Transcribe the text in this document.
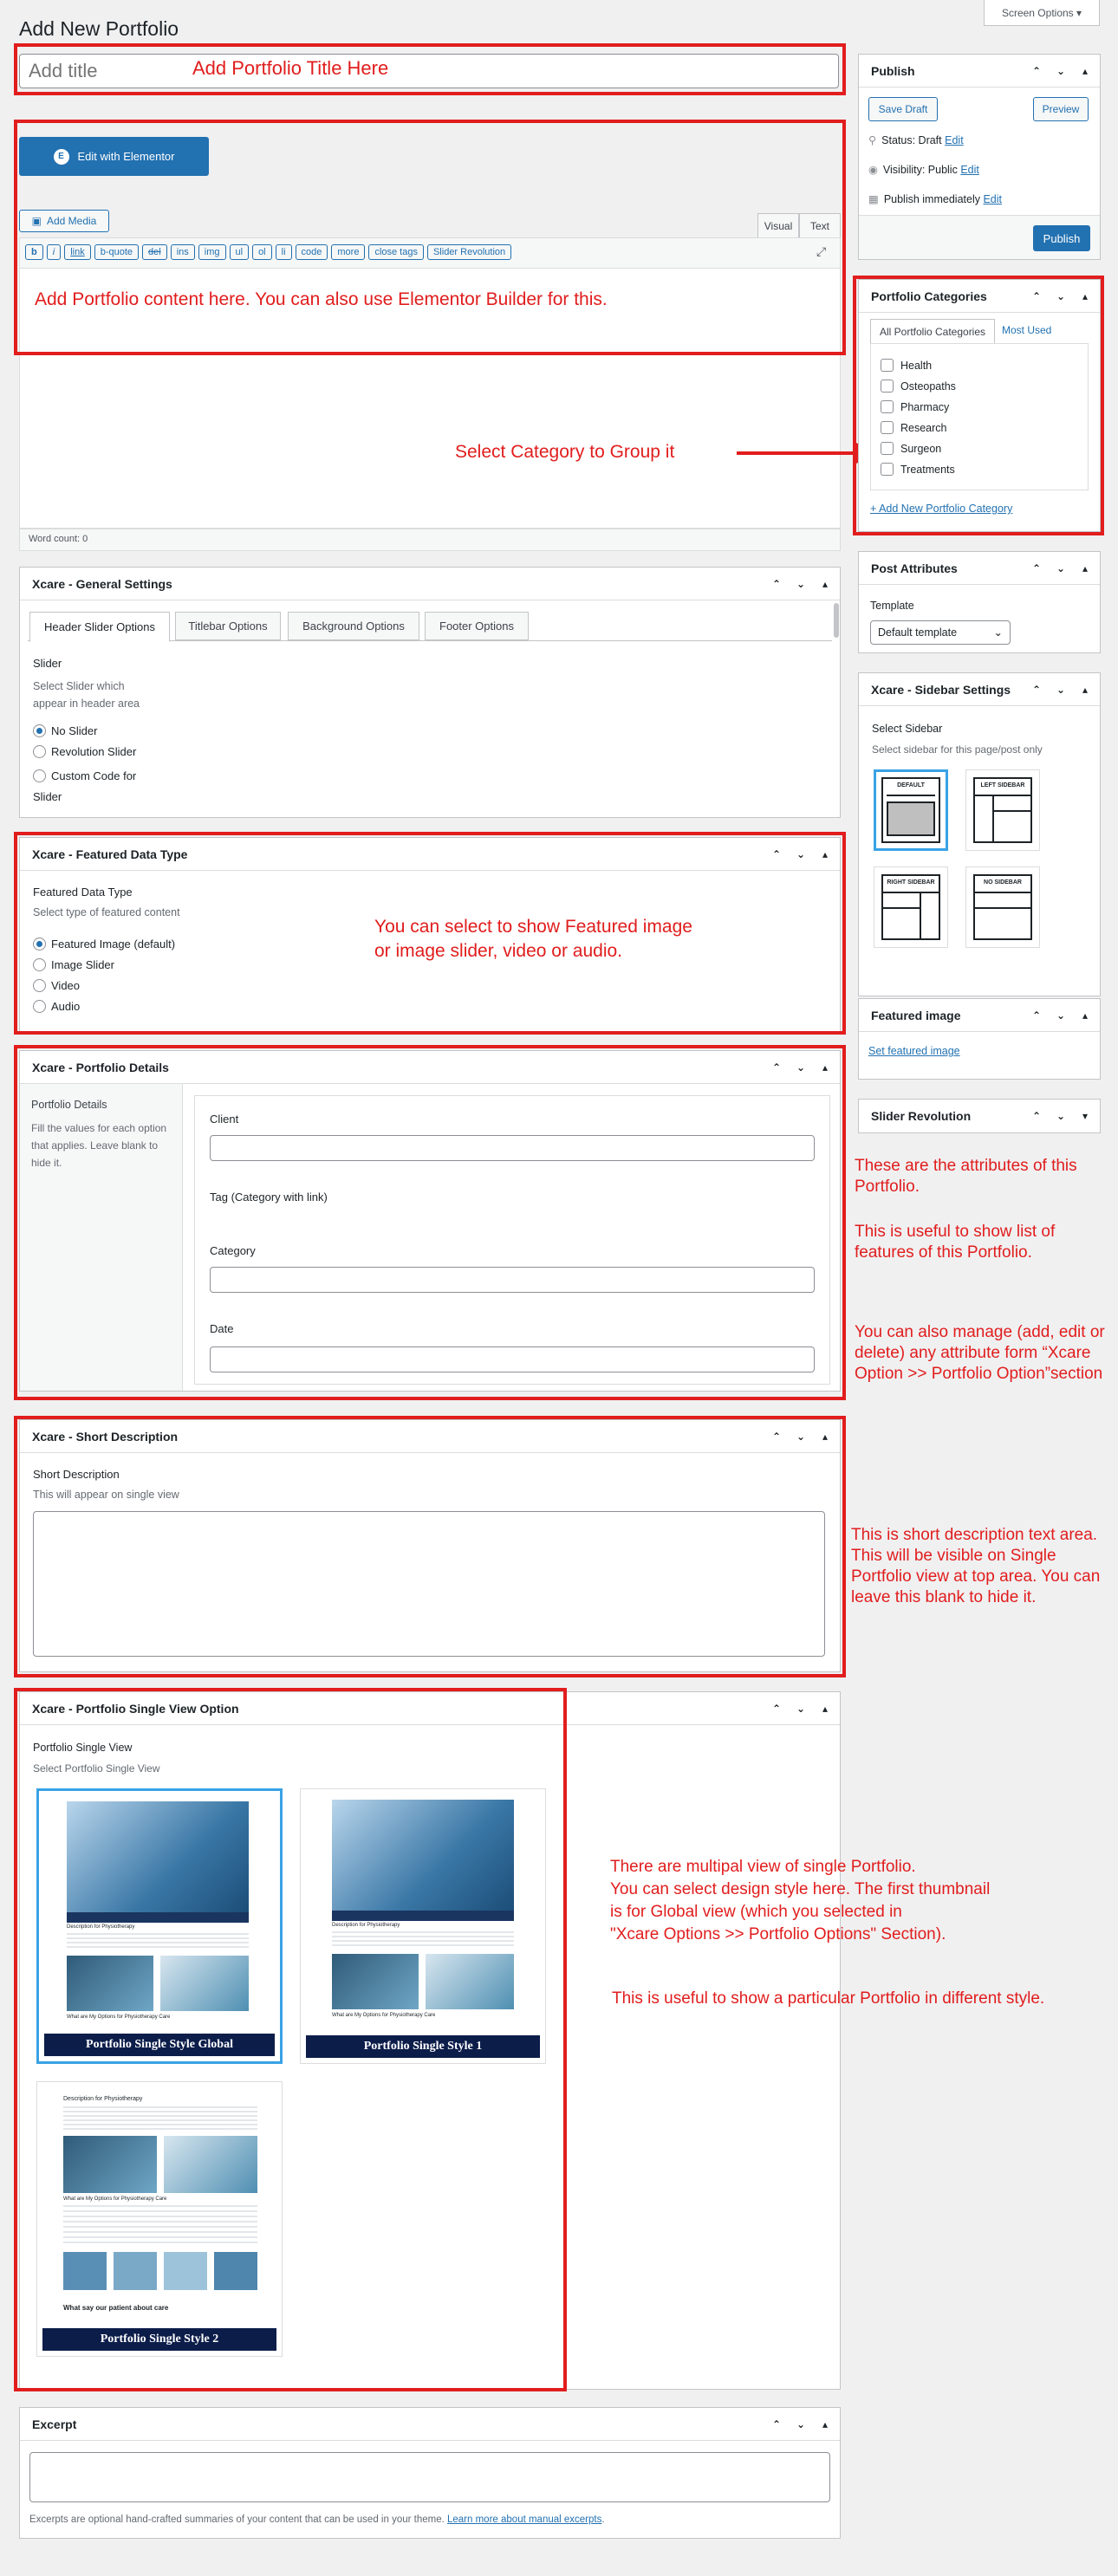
Add New Portfolio
Screen Options ▾
Add title
Add Portfolio Title Here
E	Edit with Elementor
▣ Add Media	Visual	Text
b i link b-quote del ins img ul ol li code more close tags Slider Revolution	⤢
Word count: 0
Add Portfolio content here. You can also use Elementor Builder for this.
Select Category to Group it
Xcare - General Settings	⌃ ⌄	▴
Header Slider Options	Titlebar Options	Background Options	Footer Options
Slider
Select Slider which appear in header area
No Slider
Revolution Slider
Custom Code for Slider
Xcare - Featured Data Type	⌃ ⌄	▴
Featured Data Type
Select type of featured content
Featured Image (default)
Image Slider
Video
Audio
You can select to show Featured image
or image slider, video or audio.
Xcare - Portfolio Details	⌃ ⌄	▴
Portfolio Details
Fill the values for each option that applies. Leave blank to hide it.
Client
Tag (Category with link)
Category
Date
Xcare - Short Description	⌃ ⌄	▴
Short Description
This will appear on single view
Xcare - Portfolio Single View Option	⌃ ⌄	▴
Portfolio Single View
Select Portfolio Single View
Description for Physiotherapy
What are My Options for Physiotherapy Care
Portfolio Single Style Global
Description for Physiotherapy
What are My Options for Physiotherapy Care
Portfolio Single Style 1
Description for Physiotherapy
What are My Options for Physiotherapy Care
What say our patient about care
Portfolio Single Style 2
There are multipal view of single Portfolio.
You can select design style here. The first thumbnail
is for Global view (which you selected in
"Xcare Options >> Portfolio Options" Section).
This is useful to show a particular Portfolio in different style.
Excerpt	⌃ ⌄	▴
Excerpts are optional hand-crafted summaries of your content that can be used in your theme. Learn more about manual excerpts.
Publish	⌃ ⌄	▴
Save Draft	Preview
⚲ Status: Draft Edit
◉ Visibility: Public Edit
▦ Publish immediately Edit
Publish
Portfolio Categories	⌃ ⌄	▴
All Portfolio Categories	Most Used
Health
Osteopaths
Pharmacy
Research
Surgeon
Treatments
+ Add New Portfolio Category
Post Attributes	⌃ ⌄	▴
Template
Default template	⌄
Xcare - Sidebar Settings	⌃ ⌄	▴
Select Sidebar
Select sidebar for this page/post only
DEFAULT	LEFT SIDEBAR
RIGHT SIDEBAR	NO SIDEBAR
Featured image	⌃ ⌄	▴
Set featured image
Slider Revolution	⌃ ⌄	▾
These are the attributes of this Portfolio.
This is useful to show list of features of this Portfolio.
You can also manage (add, edit or delete) any attribute form “Xcare Option >> Portfolio Option”section
This is short description text area. This will be visible on Single Portfolio view at top area. You can leave this blank to hide it.
